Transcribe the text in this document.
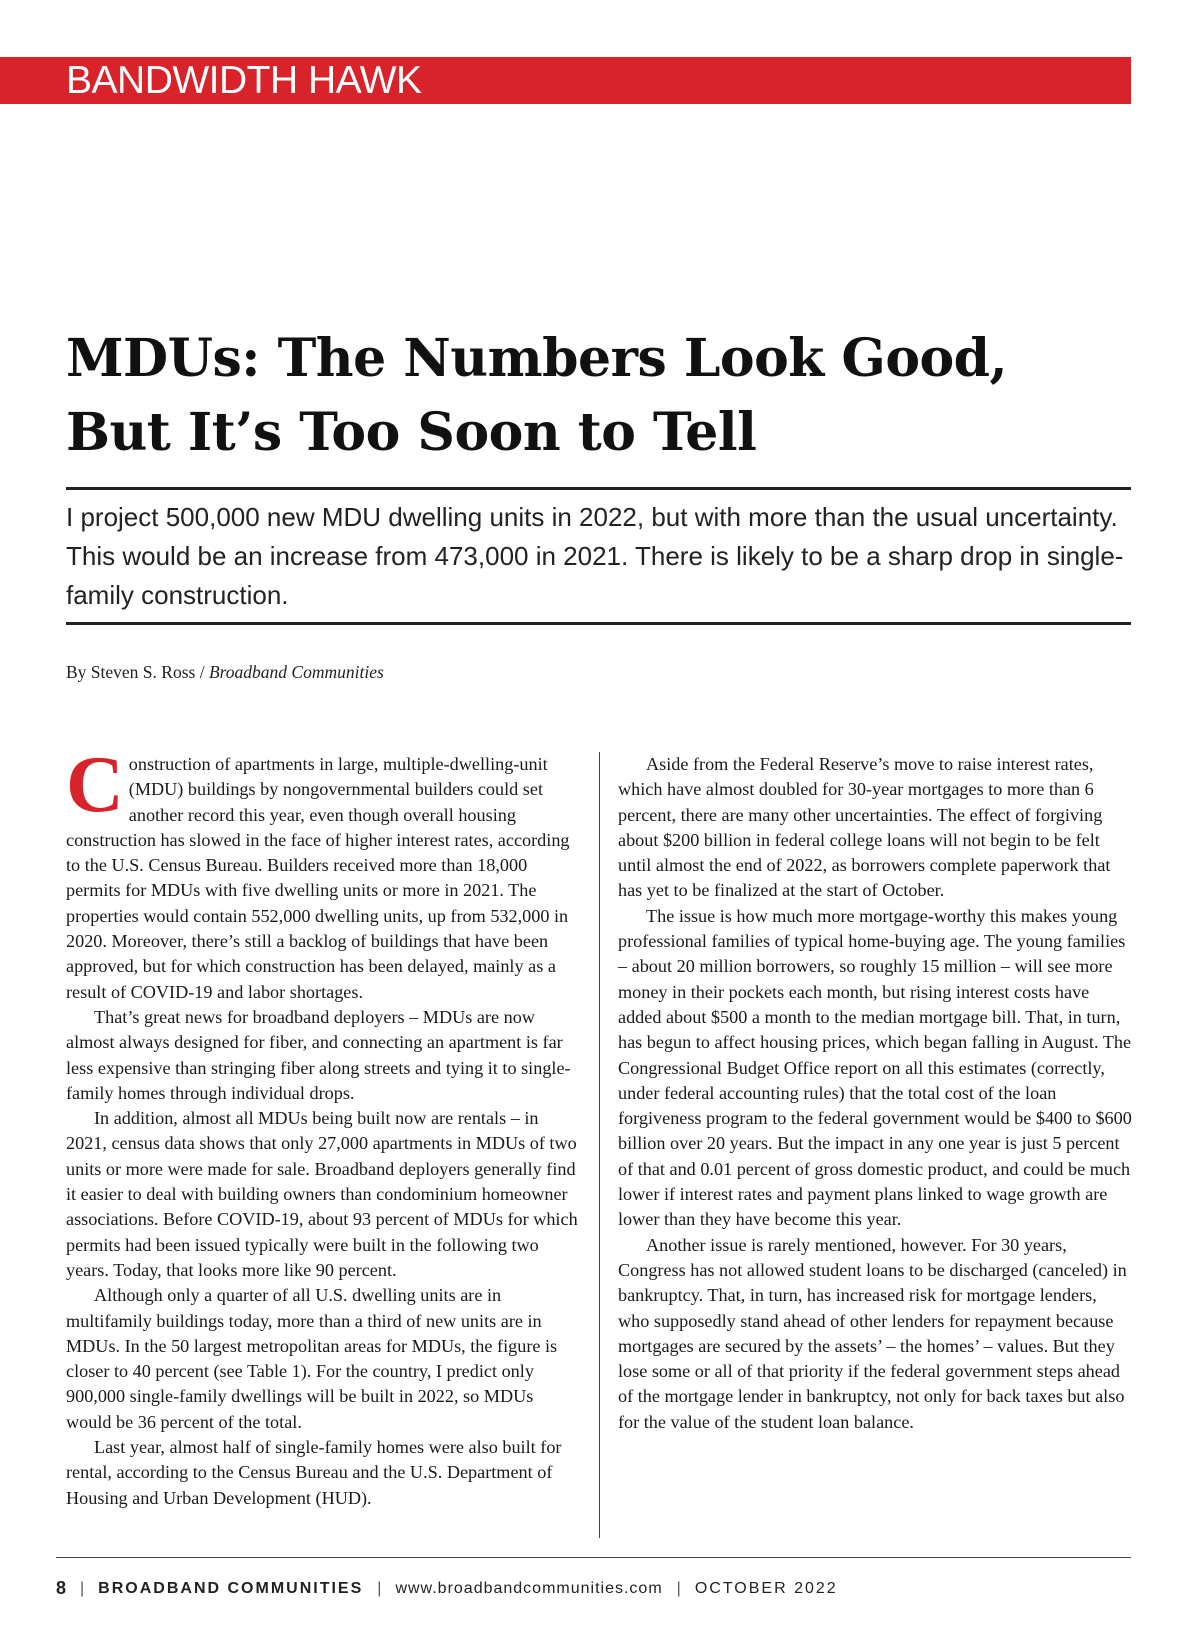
BANDWIDTH HAWK
MDUs: The Numbers Look Good,
But It’s Too Soon to Tell

I project 500,000 new MDU dwelling units in 2022, but with more than the usual uncertainty. This would be an increase from 473,000 in 2021. There is likely to be a sharp drop in single-family construction.

By Steven S. Ross / Broadband Communities

Construction of apartments in large, multiple-dwelling-unit (MDU) buildings by nongovernmental builders could set another record this year, even though overall housing construction has slowed in the face of higher interest rates, according to the U.S. Census Bureau. Builders received more than 18,000 permits for MDUs with five dwelling units or more in 2021. The properties would contain 552,000 dwelling units, up from 532,000 in 2020. Moreover, there’s still a backlog of buildings that have been approved, but for which construction has been delayed, mainly as a result of COVID-19 and labor shortages.

That’s great news for broadband deployers – MDUs are now almost always designed for fiber, and connecting an apartment is far less expensive than stringing fiber along streets and tying it to single-family homes through individual drops.

In addition, almost all MDUs being built now are rentals – in 2021, census data shows that only 27,000 apartments in MDUs of two units or more were made for sale. Broadband deployers generally find it easier to deal with building owners than condominium homeowner associations. Before COVID-19, about 93 percent of MDUs for which permits had been issued typically were built in the following two years. Today, that looks more like 90 percent.

Although only a quarter of all U.S. dwelling units are in multifamily buildings today, more than a third of new units are in MDUs. In the 50 largest metropolitan areas for MDUs, the figure is closer to 40 percent (see Table 1). For the country, I predict only 900,000 single-family dwellings will be built in 2022, so MDUs would be 36 percent of the total.

Last year, almost half of single-family homes were also built for rental, according to the Census Bureau and the U.S. Department of Housing and Urban Development (HUD).

Aside from the Federal Reserve’s move to raise interest rates, which have almost doubled for 30-year mortgages to more than 6 percent, there are many other uncertainties. The effect of forgiving about $200 billion in federal college loans will not begin to be felt until almost the end of 2022, as borrowers complete paperwork that has yet to be finalized at the start of October.

The issue is how much more mortgage-worthy this makes young professional families of typical home-buying age. The young families – about 20 million borrowers, so roughly 15 million – will see more money in their pockets each month, but rising interest costs have added about $500 a month to the median mortgage bill. That, in turn, has begun to affect housing prices, which began falling in August. The Congressional Budget Office report on all this estimates (correctly, under federal accounting rules) that the total cost of the loan forgiveness program to the federal government would be $400 to $600 billion over 20 years. But the impact in any one year is just 5 percent of that and 0.01 percent of gross domestic product, and could be much lower if interest rates and payment plans linked to wage growth are lower than they have become this year.

Another issue is rarely mentioned, however. For 30 years, Congress has not allowed student loans to be discharged (canceled) in bankruptcy. That, in turn, has increased risk for mortgage lenders, who supposedly stand ahead of other lenders for repayment because mortgages are secured by the assets’ – the homes’ – values. But they lose some or all of that priority if the federal government steps ahead of the mortgage lender in bankruptcy, not only for back taxes but also for the value of the student loan balance.

8 | BROADBAND COMMUNITIES | www.broadbandcommunities.com | OCTOBER 2022
